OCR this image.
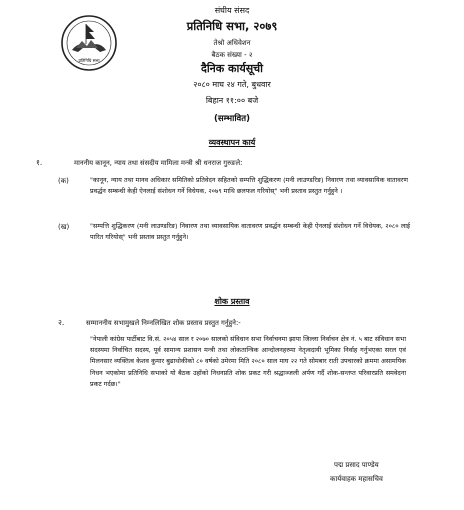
प्रतिनिधि सभा
संघीय संसद
प्रतिनिधि सभा, २०७९
तेश्रो अधिवेशन
बैठक संख्या - २
दैनिक कार्यसूची
२०८० माघ २४ गते, बुधवार
बिहान ११:०० बजे
(सम्भावित)
व्यवस्थापन कार्य
१.	माननीय कानून, न्याय तथा संसदीय मामिला मन्त्री श्री धनराज गुरुङले:
(क)	"कानून, न्याय तथा मानव अधिकार समितिको प्रतिवेदन सहितको सम्पत्ति शुद्धिकरण (मनी लाउण्डरिङ) निवारण तथा व्यावसायिक वातावरण प्रवर्द्धन सम्बन्धी केही ऐनलाई संशोधन गर्ने विधेयक, २०७९ माथि छलफल गरियोस्" भनी प्रस्ताव प्रस्तुत गर्नुहुने ।
(ख)	"सम्पत्ति शुद्धिकरण (मनी लाउण्डरिङ) निवारण तथा व्यावसायिक वातावरण प्रवर्द्धन सम्बन्धी केही ऐनलाई संशोधन गर्ने विधेयक, २०८० लाई पारित गरियोस्" भनी प्रस्ताव प्रस्तुत गर्नुहुने।
शोक प्रस्ताव
२.	सम्माननीय सभामुखले निम्नलिखित शोक प्रस्ताव प्रस्तुत गर्नुहुने:-
"नेपाली कांग्रेस पार्टीबाट वि.सं. २०५४ साल र २०७० सालको संविधान सभा निर्वाचनमा झापा जिल्ला निर्वाचन क्षेत्र नं. ५ बाट संविधान सभा सदस्यमा निर्वाचित सदस्य, पूर्व सामान्य प्रशासन मन्त्री तथा लोकतान्त्रिक आन्दोलनहरुमा नेतृत्वदायी भूमिका निर्वाह गर्नुभएका सरल एवं मिलनसार व्यक्तित्व केशव कुमार बुढाथोकीको ८० वर्षको उमेरमा मिति २०८० साल माघ २२ गते सोमबार राती उपचारको क्रममा असामयिक निधन भएकोमा प्रतिनिधि सभाको यो बैठक उहाँको निधनप्रति शोक प्रकट गरी श्रद्धाञ्जली अर्पण गर्दै शोक-सन्तप्त परिवारप्रति समवेदना प्रकट गर्दछ।"
पद्म प्रसाद पाण्डेय
कार्यवाहक महासचिव
